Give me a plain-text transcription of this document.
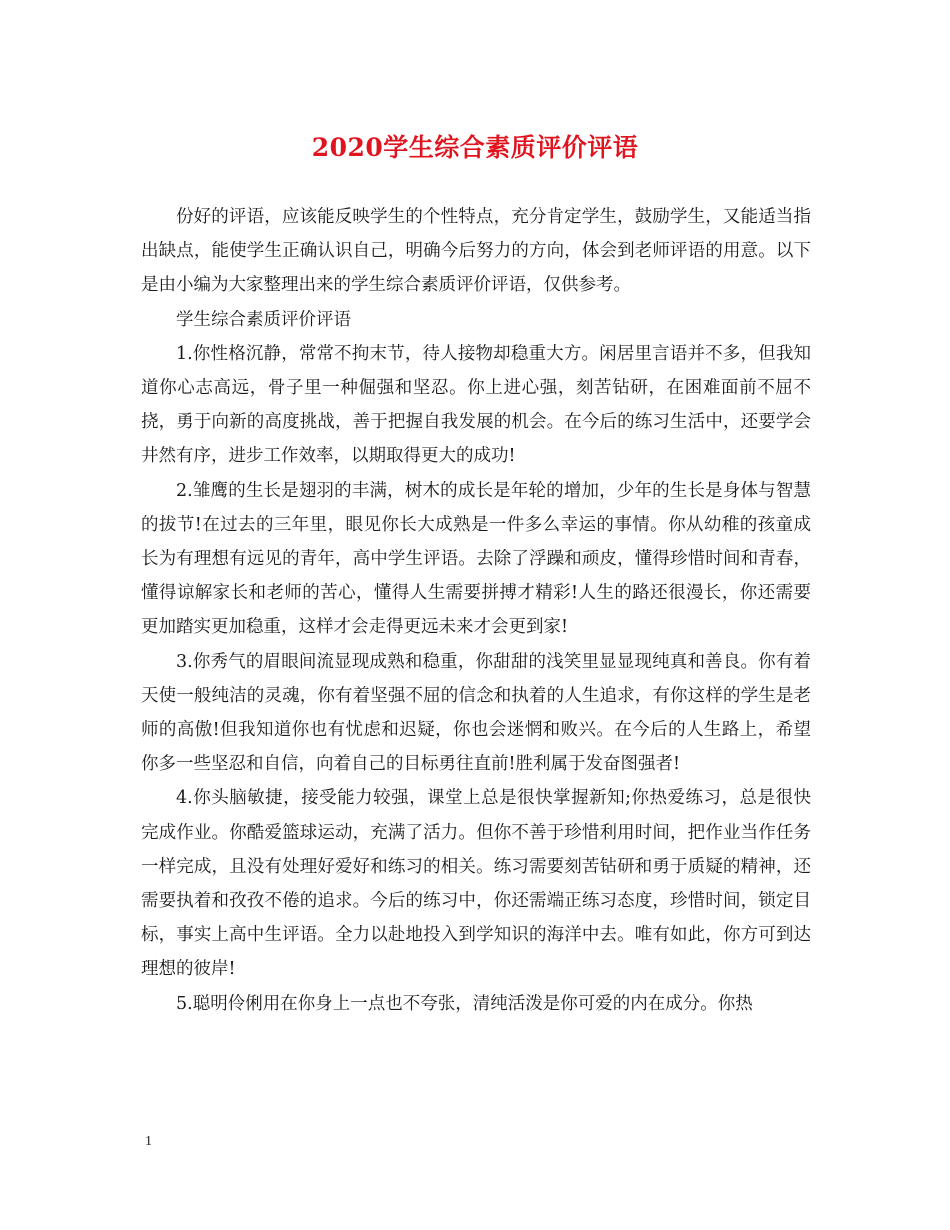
2020学生综合素质评价评语

份好的评语，应该能反映学生的个性特点，充分肯定学生，鼓励学生，又能适当指出缺点，能使学生正确认识自己，明确今后努力的方向，体会到老师评语的用意。以下是由小编为大家整理出来的学生综合素质评价评语，仅供参考。

学生综合素质评价评语

1.你性格沉静，常常不拘末节，待人接物却稳重大方。闲居里言语并不多，但我知道你心志高远，骨子里一种倔强和坚忍。你上进心强，刻苦钻研，在困难面前不屈不挠，勇于向新的高度挑战，善于把握自我发展的机会。在今后的练习生活中，还要学会井然有序，进步工作效率，以期取得更大的成功!

2.雏鹰的生长是翅羽的丰满，树木的成长是年轮的增加，少年的生长是身体与智慧的拔节!在过去的三年里，眼见你长大成熟是一件多么幸运的事情。你从幼稚的孩童成长为有理想有远见的青年，高中学生评语。去除了浮躁和顽皮，懂得珍惜时间和青春，懂得谅解家长和老师的苦心，懂得人生需要拼搏才精彩!人生的路还很漫长，你还需要更加踏实更加稳重，这样才会走得更远未来才会更到家!

3.你秀气的眉眼间流显现成熟和稳重，你甜甜的浅笑里显显现纯真和善良。你有着天使一般纯洁的灵魂，你有着坚强不屈的信念和执着的人生追求，有你这样的学生是老师的高傲!但我知道你也有忧虑和迟疑，你也会迷惘和败兴。在今后的人生路上，希望你多一些坚忍和自信，向着自己的目标勇往直前!胜利属于发奋图强者!

4.你头脑敏捷，接受能力较强，课堂上总是很快掌握新知;你热爱练习，总是很快完成作业。你酷爱篮球运动，充满了活力。但你不善于珍惜利用时间，把作业当作任务一样完成，且没有处理好爱好和练习的相关。练习需要刻苦钻研和勇于质疑的精神，还需要执着和孜孜不倦的追求。今后的练习中，你还需端正练习态度，珍惜时间，锁定目标，事实上高中生评语。全力以赴地投入到学知识的海洋中去。唯有如此，你方可到达理想的彼岸!

5.聪明伶俐用在你身上一点也不夸张，清纯活泼是你可爱的内在成分。你热

1
